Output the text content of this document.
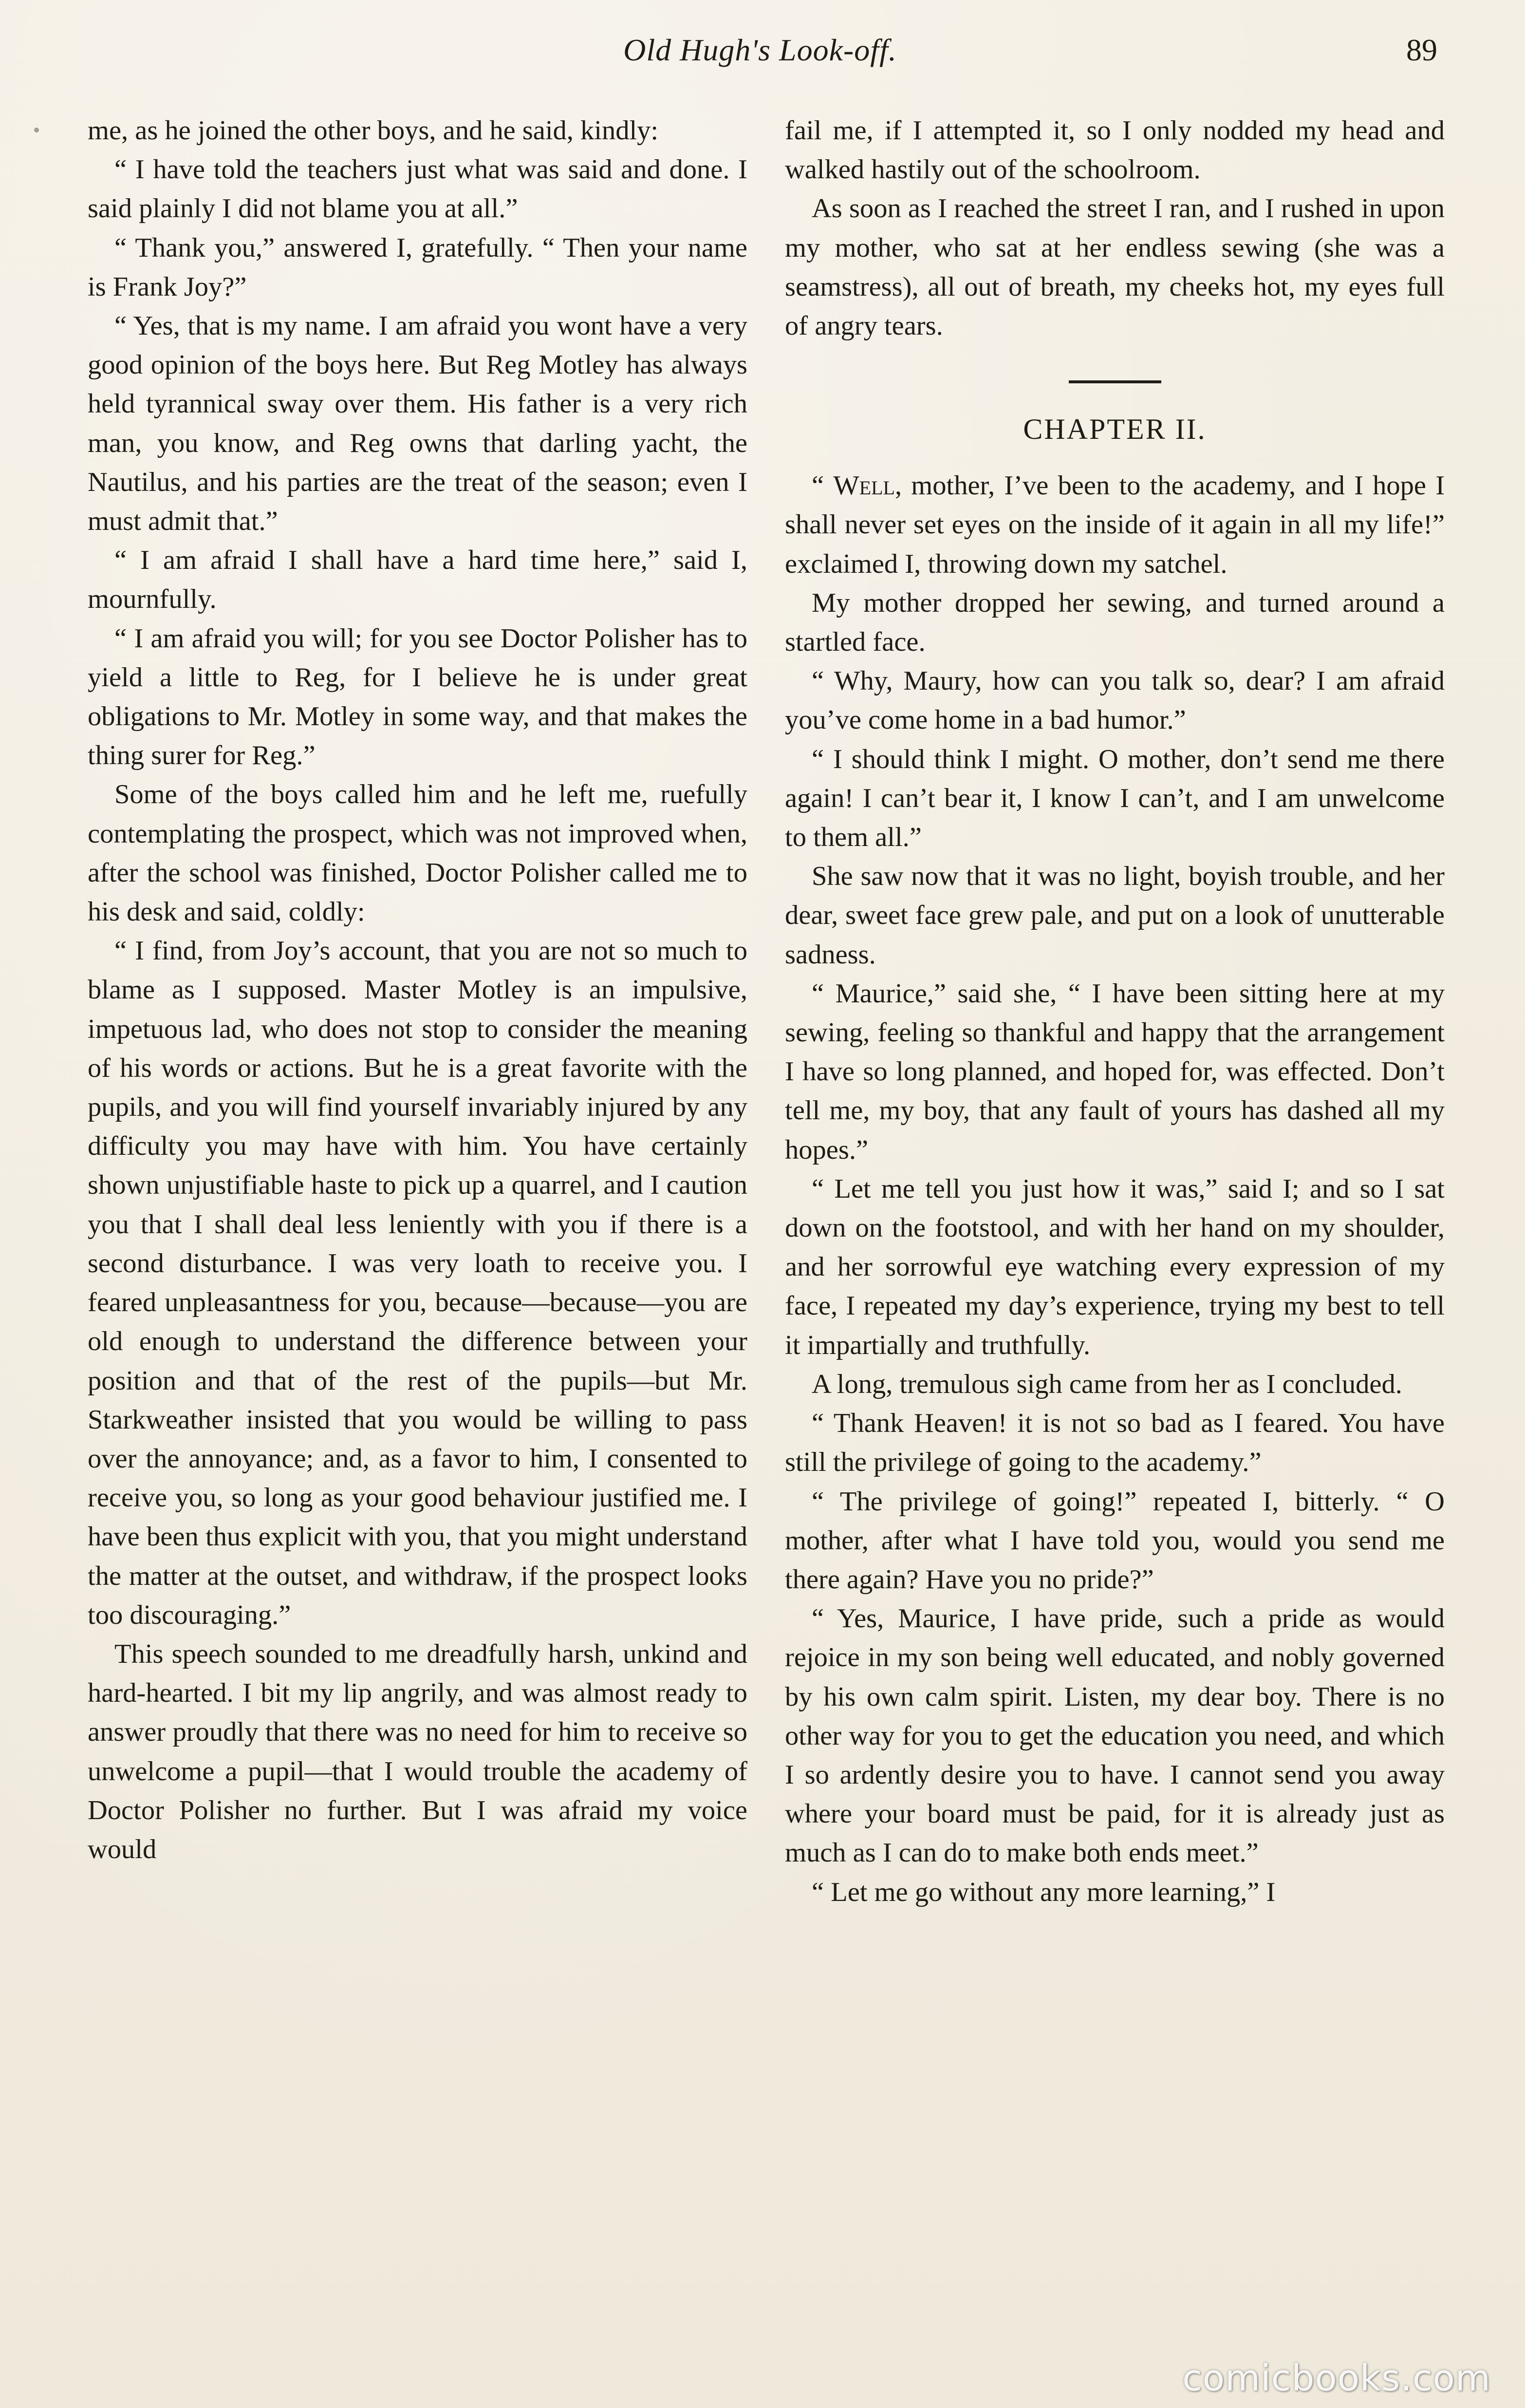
Old Hugh's Look-off.	89

me, as he joined the other boys, and he said, kindly:

“ I have told the teachers just what was said and done. I said plainly I did not blame you at all.”

“ Thank you,” answered I, gratefully. “ Then your name is Frank Joy?”

“ Yes, that is my name. I am afraid you wont have a very good opinion of the boys here. But Reg Motley has always held tyrannical sway over them. His father is a very rich man, you know, and Reg owns that darling yacht, the Nautilus, and his parties are the treat of the season; even I must admit that.”

“ I am afraid I shall have a hard time here,” said I, mournfully.

“ I am afraid you will; for you see Doctor Polisher has to yield a little to Reg, for I believe he is under great obligations to Mr. Motley in some way, and that makes the thing surer for Reg.”

Some of the boys called him and he left me, ruefully contemplating the prospect, which was not improved when, after the school was finished, Doctor Polisher called me to his desk and said, coldly:

“ I find, from Joy’s account, that you are not so much to blame as I supposed. Master Motley is an impulsive, impetuous lad, who does not stop to consider the meaning of his words or actions. But he is a great favorite with the pupils, and you will find yourself invariably injured by any difficulty you may have with him. You have certainly shown unjustifiable haste to pick up a quarrel, and I caution you that I shall deal less leniently with you if there is a second disturbance. I was very loath to receive you. I feared unpleasantness for you, because—because—you are old enough to understand the difference between your position and that of the rest of the pupils—but Mr. Starkweather insisted that you would be willing to pass over the annoyance; and, as a favor to him, I consented to receive you, so long as your good behaviour justified me. I have been thus explicit with you, that you might understand the matter at the outset, and withdraw, if the prospect looks too discouraging.”

This speech sounded to me dreadfully harsh, unkind and hard-hearted. I bit my lip angrily, and was almost ready to answer proudly that there was no need for him to receive so unwelcome a pupil—that I would trouble the academy of Doctor Polisher no further. But I was afraid my voice would

fail me, if I attempted it, so I only nodded my head and walked hastily out of the schoolroom.

As soon as I reached the street I ran, and I rushed in upon my mother, who sat at her endless sewing (she was a seamstress), all out of breath, my cheeks hot, my eyes full of angry tears.

CHAPTER II.

“ Well, mother, I’ve been to the academy, and I hope I shall never set eyes on the inside of it again in all my life!” exclaimed I, throwing down my satchel.

My mother dropped her sewing, and turned around a startled face.

“ Why, Maury, how can you talk so, dear? I am afraid you’ve come home in a bad humor.”

“ I should think I might. O mother, don’t send me there again! I can’t bear it, I know I can’t, and I am unwelcome to them all.”

She saw now that it was no light, boyish trouble, and her dear, sweet face grew pale, and put on a look of unutterable sadness.

“ Maurice,” said she, “ I have been sitting here at my sewing, feeling so thankful and happy that the arrangement I have so long planned, and hoped for, was effected. Don’t tell me, my boy, that any fault of yours has dashed all my hopes.”

“ Let me tell you just how it was,” said I; and so I sat down on the footstool, and with her hand on my shoulder, and her sorrowful eye watching every expression of my face, I repeated my day’s experience, trying my best to tell it impartially and truthfully.

A long, tremulous sigh came from her as I concluded.

“ Thank Heaven! it is not so bad as I feared. You have still the privilege of going to the academy.”

“ The privilege of going!” repeated I, bitterly. “ O mother, after what I have told you, would you send me there again? Have you no pride?”

“ Yes, Maurice, I have pride, such a pride as would rejoice in my son being well educated, and nobly governed by his own calm spirit. Listen, my dear boy. There is no other way for you to get the education you need, and which I so ardently desire you to have. I cannot send you away where your board must be paid, for it is already just as much as I can do to make both ends meet.”

“ Let me go without any more learning,” I

comicbooks.com
